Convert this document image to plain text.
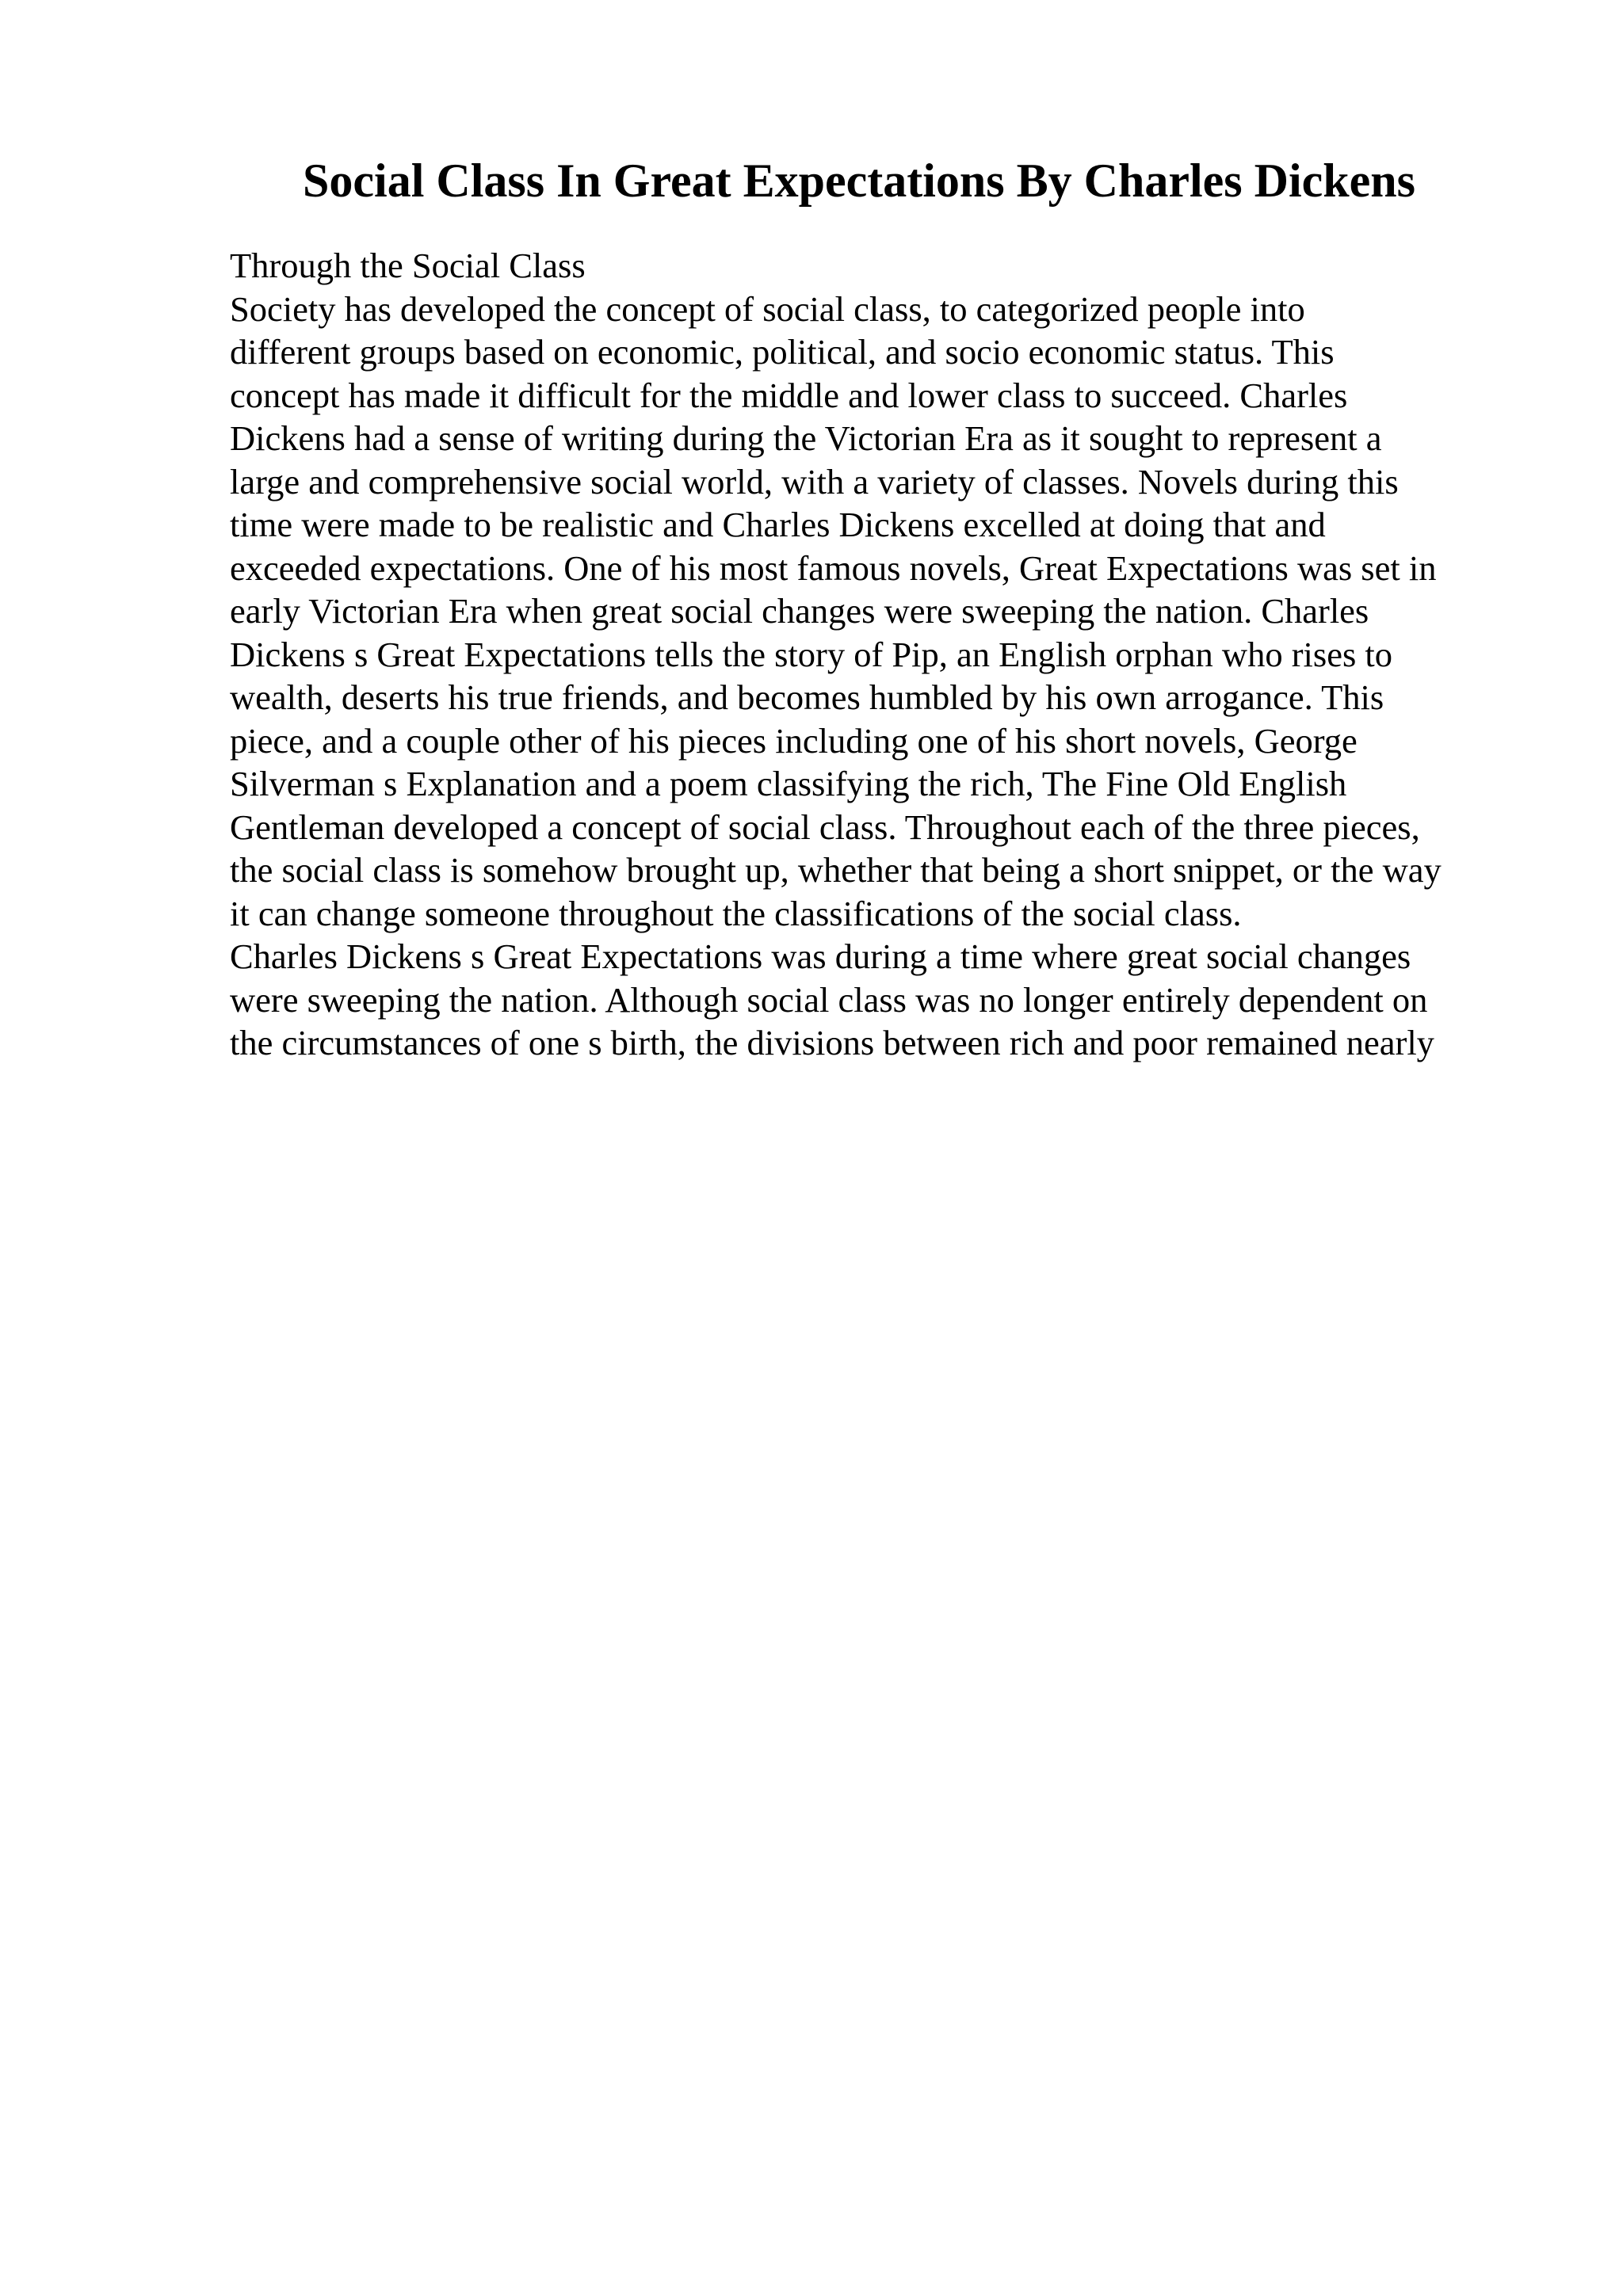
Social Class In Great Expectations By Charles Dickens
Through the Social Class
Society has developed the concept of social class, to categorized people into
different groups based on economic, political, and socio economic status. This
concept has made it difficult for the middle and lower class to succeed. Charles
Dickens had a sense of writing during the Victorian Era as it sought to represent a
large and comprehensive social world, with a variety of classes. Novels during this
time were made to be realistic and Charles Dickens excelled at doing that and
exceeded expectations. One of his most famous novels, Great Expectations was set in
early Victorian Era when great social changes were sweeping the nation. Charles
Dickens s Great Expectations tells the story of Pip, an English orphan who rises to
wealth, deserts his true friends, and becomes humbled by his own arrogance. This
piece, and a couple other of his pieces including one of his short novels, George
Silverman s Explanation and a poem classifying the rich, The Fine Old English
Gentleman developed a concept of social class. Throughout each of the three pieces,
the social class is somehow brought up, whether that being a short snippet, or the way
it can change someone throughout the classifications of the social class.
Charles Dickens s Great Expectations was during a time where great social changes
were sweeping the nation. Although social class was no longer entirely dependent on
the circumstances of one s birth, the divisions between rich and poor remained nearly
